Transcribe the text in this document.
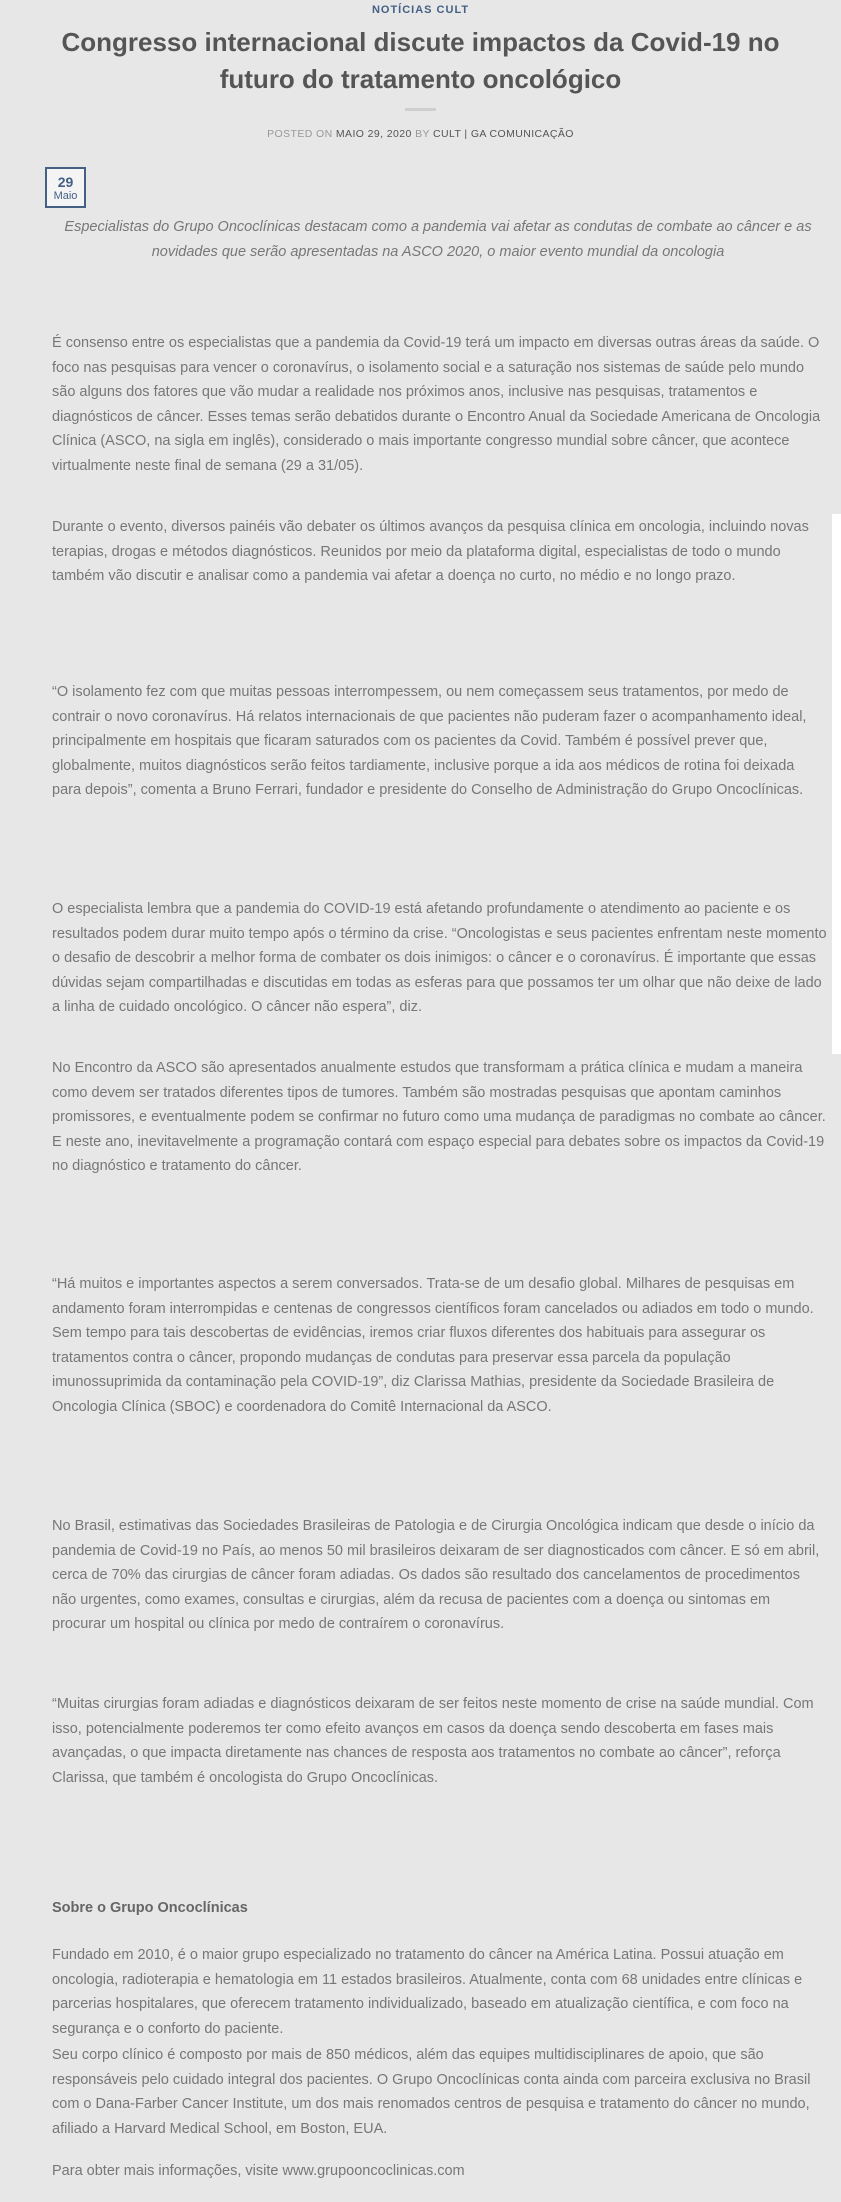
NOTÍCIAS CULT
Congresso internacional discute impactos da Covid-19 no futuro do tratamento oncológico
POSTED ON MAIO 29, 2020 BY CULT | GA COMUNICAÇÃO
29
Maio
Especialistas do Grupo Oncoclínicas destacam como a pandemia vai afetar as condutas de combate ao câncer e as novidades que serão apresentadas na ASCO 2020, o maior evento mundial da oncologia

É consenso entre os especialistas que a pandemia da Covid-19 terá um impacto em diversas outras áreas da saúde. O foco nas pesquisas para vencer o coronavírus, o isolamento social e a saturação nos sistemas de saúde pelo mundo são alguns dos fatores que vão mudar a realidade nos próximos anos, inclusive nas pesquisas, tratamentos e diagnósticos de câncer. Esses temas serão debatidos durante o Encontro Anual da Sociedade Americana de Oncologia Clínica (ASCO, na sigla em inglês), considerado o mais importante congresso mundial sobre câncer, que acontece virtualmente neste final de semana (29 a 31/05).

Durante o evento, diversos painéis vão debater os últimos avanços da pesquisa clínica em oncologia, incluindo novas terapias, drogas e métodos diagnósticos. Reunidos por meio da plataforma digital, especialistas de todo o mundo também vão discutir e analisar como a pandemia vai afetar a doença no curto, no médio e no longo prazo.

“O isolamento fez com que muitas pessoas interrompessem, ou nem começassem seus tratamentos, por medo de contrair o novo coronavírus. Há relatos internacionais de que pacientes não puderam fazer o acompanhamento ideal, principalmente em hospitais que ficaram saturados com os pacientes da Covid. Também é possível prever que, globalmente, muitos diagnósticos serão feitos tardiamente, inclusive porque a ida aos médicos de rotina foi deixada para depois”, comenta a Bruno Ferrari, fundador e presidente do Conselho de Administração do Grupo Oncoclínicas.

O especialista lembra que a pandemia do COVID-19 está afetando profundamente o atendimento ao paciente e os resultados podem durar muito tempo após o término da crise. “Oncologistas e seus pacientes enfrentam neste momento o desafio de descobrir a melhor forma de combater os dois inimigos: o câncer e o coronavírus. É importante que essas dúvidas sejam compartilhadas e discutidas em todas as esferas para que possamos ter um olhar que não deixe de lado a linha de cuidado oncológico. O câncer não espera”, diz.

No Encontro da ASCO são apresentados anualmente estudos que transformam a prática clínica e mudam a maneira como devem ser tratados diferentes tipos de tumores. Também são mostradas pesquisas que apontam caminhos promissores, e eventualmente podem se confirmar no futuro como uma mudança de paradigmas no combate ao câncer. E neste ano, inevitavelmente a programação contará com espaço especial para debates sobre os impactos da Covid-19 no diagnóstico e tratamento do câncer.

“Há muitos e importantes aspectos a serem conversados. Trata-se de um desafio global. Milhares de pesquisas em andamento foram interrompidas e centenas de congressos científicos foram cancelados ou adiados em todo o mundo. Sem tempo para tais descobertas de evidências, iremos criar fluxos diferentes dos habituais para assegurar os tratamentos contra o câncer, propondo mudanças de condutas para preservar essa parcela da população imunossuprimida da contaminação pela COVID-19”, diz Clarissa Mathias, presidente da Sociedade Brasileira de Oncologia Clínica (SBOC) e coordenadora do Comitê Internacional da ASCO.

No Brasil, estimativas das Sociedades Brasileiras de Patologia e de Cirurgia Oncológica indicam que desde o início da pandemia de Covid-19 no País, ao menos 50 mil brasileiros deixaram de ser diagnosticados com câncer. E só em abril, cerca de 70% das cirurgias de câncer foram adiadas. Os dados são resultado dos cancelamentos de procedimentos não urgentes, como exames, consultas e cirurgias, além da recusa de pacientes com a doença ou sintomas em procurar um hospital ou clínica por medo de contraírem o coronavírus.

“Muitas cirurgias foram adiadas e diagnósticos deixaram de ser feitos neste momento de crise na saúde mundial. Com isso, potencialmente poderemos ter como efeito avanços em casos da doença sendo descoberta em fases mais avançadas, o que impacta diretamente nas chances de resposta aos tratamentos no combate ao câncer”, reforça Clarissa, que também é oncologista do Grupo Oncoclínicas.

Sobre o Grupo Oncoclínicas

Fundado em 2010, é o maior grupo especializado no tratamento do câncer na América Latina. Possui atuação em oncologia, radioterapia e hematologia em 11 estados brasileiros. Atualmente, conta com 68 unidades entre clínicas e parcerias hospitalares, que oferecem tratamento individualizado, baseado em atualização científica, e com foco na segurança e o conforto do paciente.

Seu corpo clínico é composto por mais de 850 médicos, além das equipes multidisciplinares de apoio, que são responsáveis pelo cuidado integral dos pacientes. O Grupo Oncoclínicas conta ainda com parceira exclusiva no Brasil com o Dana-Farber Cancer Institute, um dos mais renomados centros de pesquisa e tratamento do câncer no mundo, afiliado a Harvard Medical School, em Boston, EUA.

Para obter mais informações, visite www.grupooncoclinicas.com
